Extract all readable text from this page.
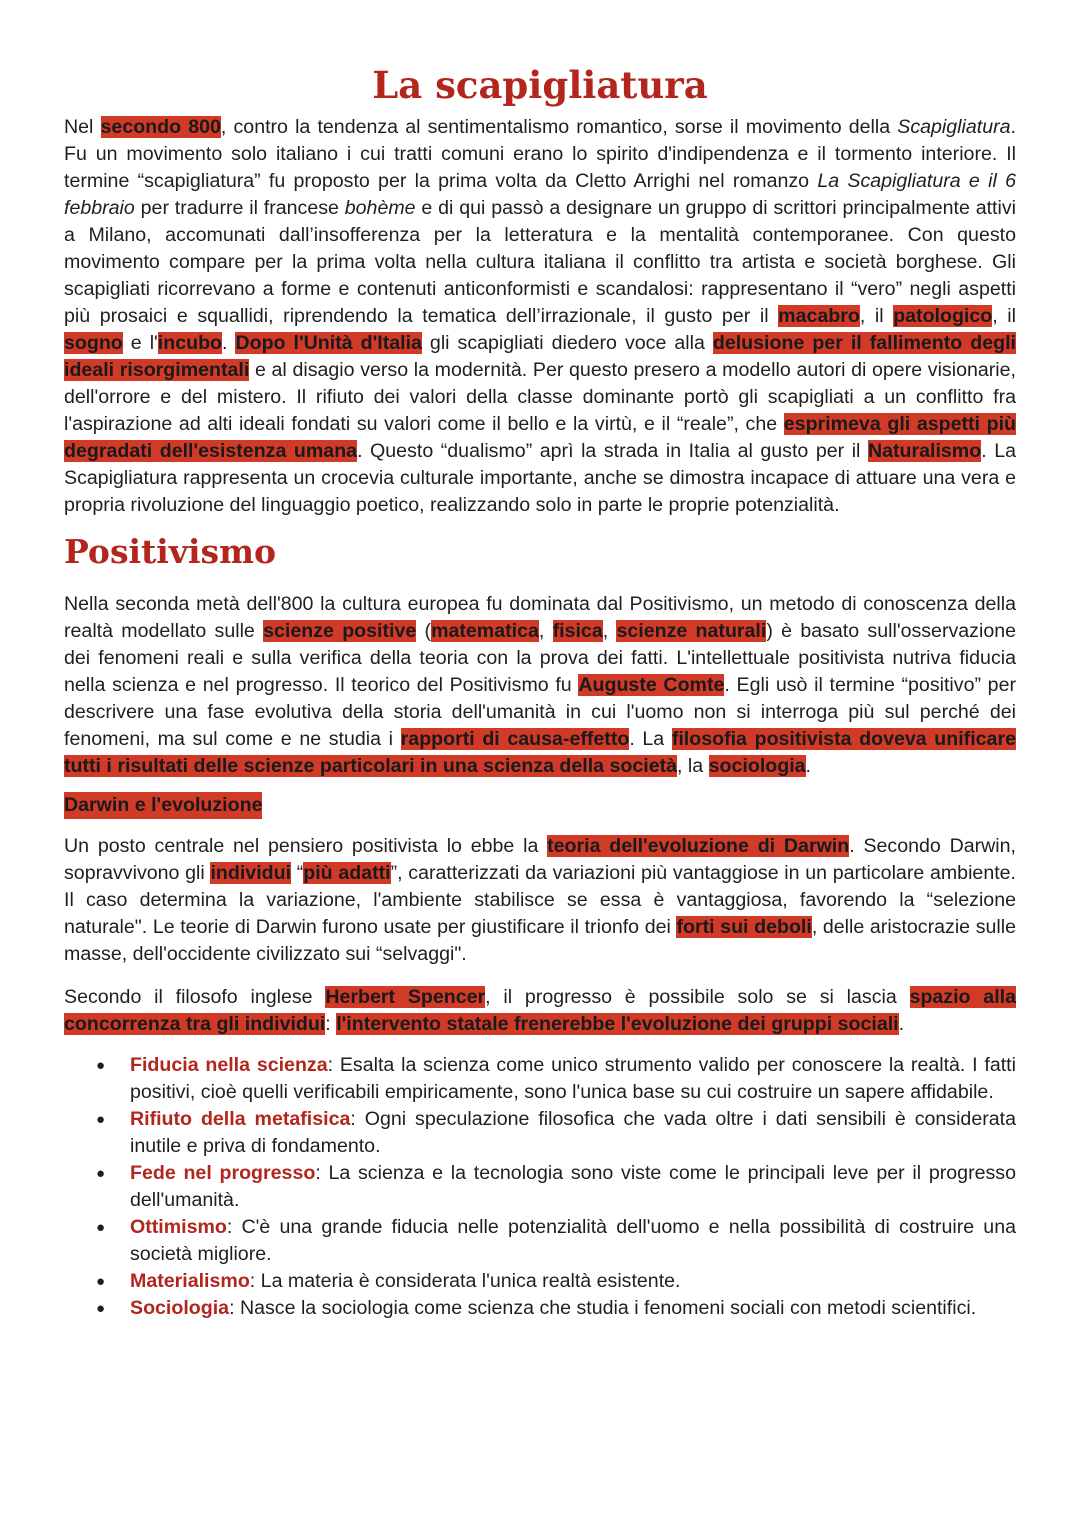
La scapigliatura

Nel secondo 800, contro la tendenza al sentimentalismo romantico, sorse il movimento della Scapigliatura. Fu un movimento solo italiano i cui tratti comuni erano lo spirito d'indipendenza e il tormento interiore. Il termine “scapigliatura” fu proposto per la prima volta da Cletto Arrighi nel romanzo La Scapigliatura e il 6 febbraio per tradurre il francese bohème e di qui passò a designare un gruppo di scrittori principalmente attivi a Milano, accomunati dall’insofferenza per la letteratura e la mentalità contemporanee. Con questo movimento compare per la prima volta nella cultura italiana il conflitto tra artista e società borghese. Gli scapigliati ricorrevano a forme e contenuti anticonformisti e scandalosi: rappresentano il “vero” negli aspetti più prosaici e squallidi, riprendendo la tematica dell’irrazionale, il gusto per il macabro, il patologico, il sogno e l'incubo. Dopo l'Unità d'Italia gli scapigliati diedero voce alla delusione per il fallimento degli ideali risorgimentali e al disagio verso la modernità. Per questo presero a modello autori di opere visionarie, dell'orrore e del mistero. Il rifiuto dei valori della classe dominante portò gli scapigliati a un conflitto fra l'aspirazione ad alti ideali fondati su valori come il bello e la virtù, e il “reale”, che esprimeva gli aspetti più degradati dell'esistenza umana. Questo “dualismo” aprì la strada in Italia al gusto per il Naturalismo. La Scapigliatura rappresenta un crocevia culturale importante, anche se dimostra incapace di attuare una vera e propria rivoluzione del linguaggio poetico, realizzando solo in parte le proprie potenzialità.

Positivismo

Nella seconda metà dell'800 la cultura europea fu dominata dal Positivismo, un metodo di conoscenza della realtà modellato sulle scienze positive (matematica, fisica, scienze naturali) è basato sull'osservazione dei fenomeni reali e sulla verifica della teoria con la prova dei fatti. L'intellettuale positivista nutriva fiducia nella scienza e nel progresso. Il teorico del Positivismo fu Auguste Comte. Egli usò il termine “positivo” per descrivere una fase evolutiva della storia dell'umanità in cui l'uomo non si interroga più sul perché dei fenomeni, ma sul come e ne studia i rapporti di causa-effetto. La filosofia positivista doveva unificare tutti i risultati delle scienze particolari in una scienza della società, la sociologia.

Darwin e l'evoluzione

Un posto centrale nel pensiero positivista lo ebbe la teoria dell'evoluzione di Darwin. Secondo Darwin, sopravvivono gli individui “più adatti”, caratterizzati da variazioni più vantaggiose in un particolare ambiente. Il caso determina la variazione, l'ambiente stabilisce se essa è vantaggiosa, favorendo la “selezione naturale". Le teorie di Darwin furono usate per giustificare il trionfo dei forti sui deboli, delle aristocrazie sulle masse, dell'occidente civilizzato sui “selvaggi".

Secondo il filosofo inglese Herbert Spencer, il progresso è possibile solo se si lascia spazio alla concorrenza tra gli individui: l'intervento statale frenerebbe l'evoluzione dei gruppi sociali.

● Fiducia nella scienza: Esalta la scienza come unico strumento valido per conoscere la realtà. I fatti positivi, cioè quelli verificabili empiricamente, sono l'unica base su cui costruire un sapere affidabile.
● Rifiuto della metafisica: Ogni speculazione filosofica che vada oltre i dati sensibili è considerata inutile e priva di fondamento.
● Fede nel progresso: La scienza e la tecnologia sono viste come le principali leve per il progresso dell'umanità.
● Ottimismo: C'è una grande fiducia nelle potenzialità dell'uomo e nella possibilità di costruire una società migliore.
● Materialismo: La materia è considerata l'unica realtà esistente.
● Sociologia: Nasce la sociologia come scienza che studia i fenomeni sociali con metodi scientifici.
